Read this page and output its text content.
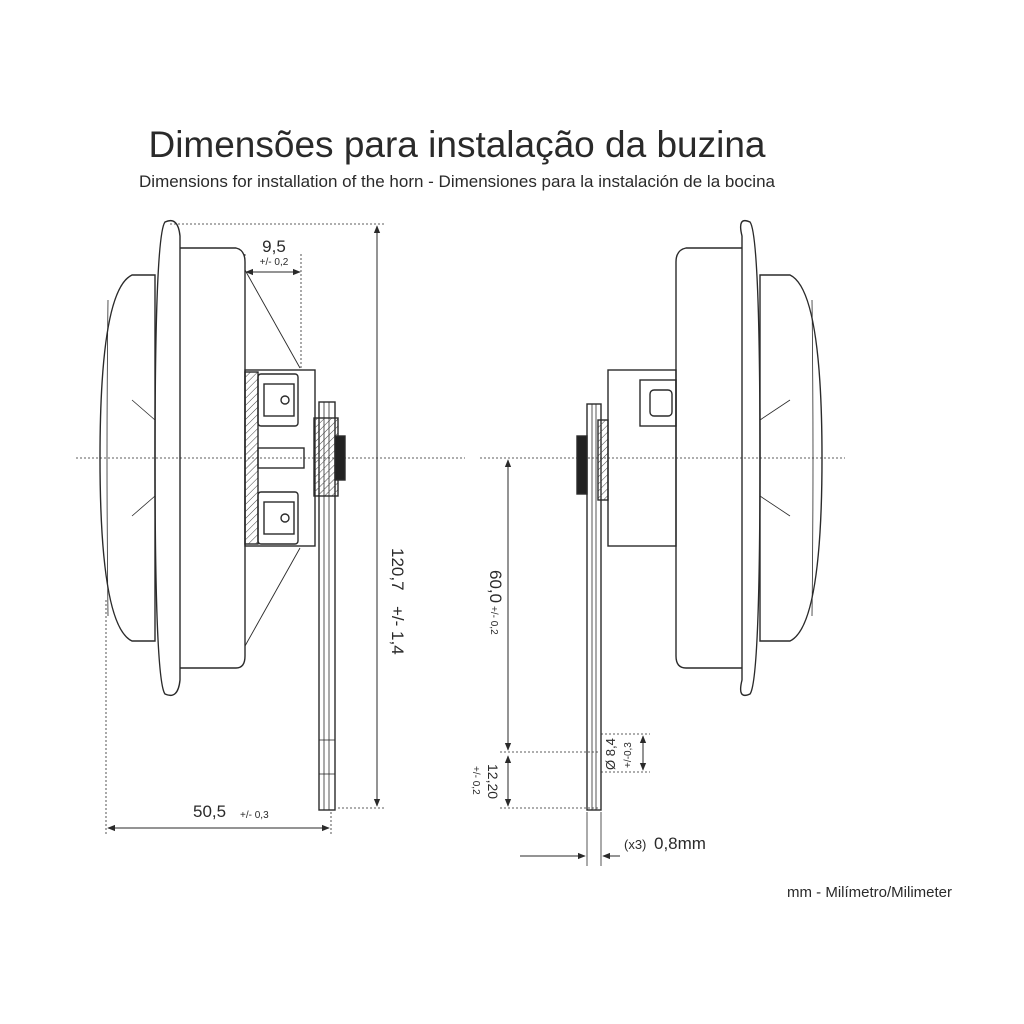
Dimensões para instalação da buzina
Dimensions for installation of the horn - Dimensiones para la instalación de la bocina
mm - Milímetro/Milimeter
9,5
+/- 0,2
120,7
+/- 1,4
50,5 +/- 0,3
60,0
+/- 0,2
12,20
+/- 0,2
Ø 8,4 +/-0,3
(x3) 0,8mm
